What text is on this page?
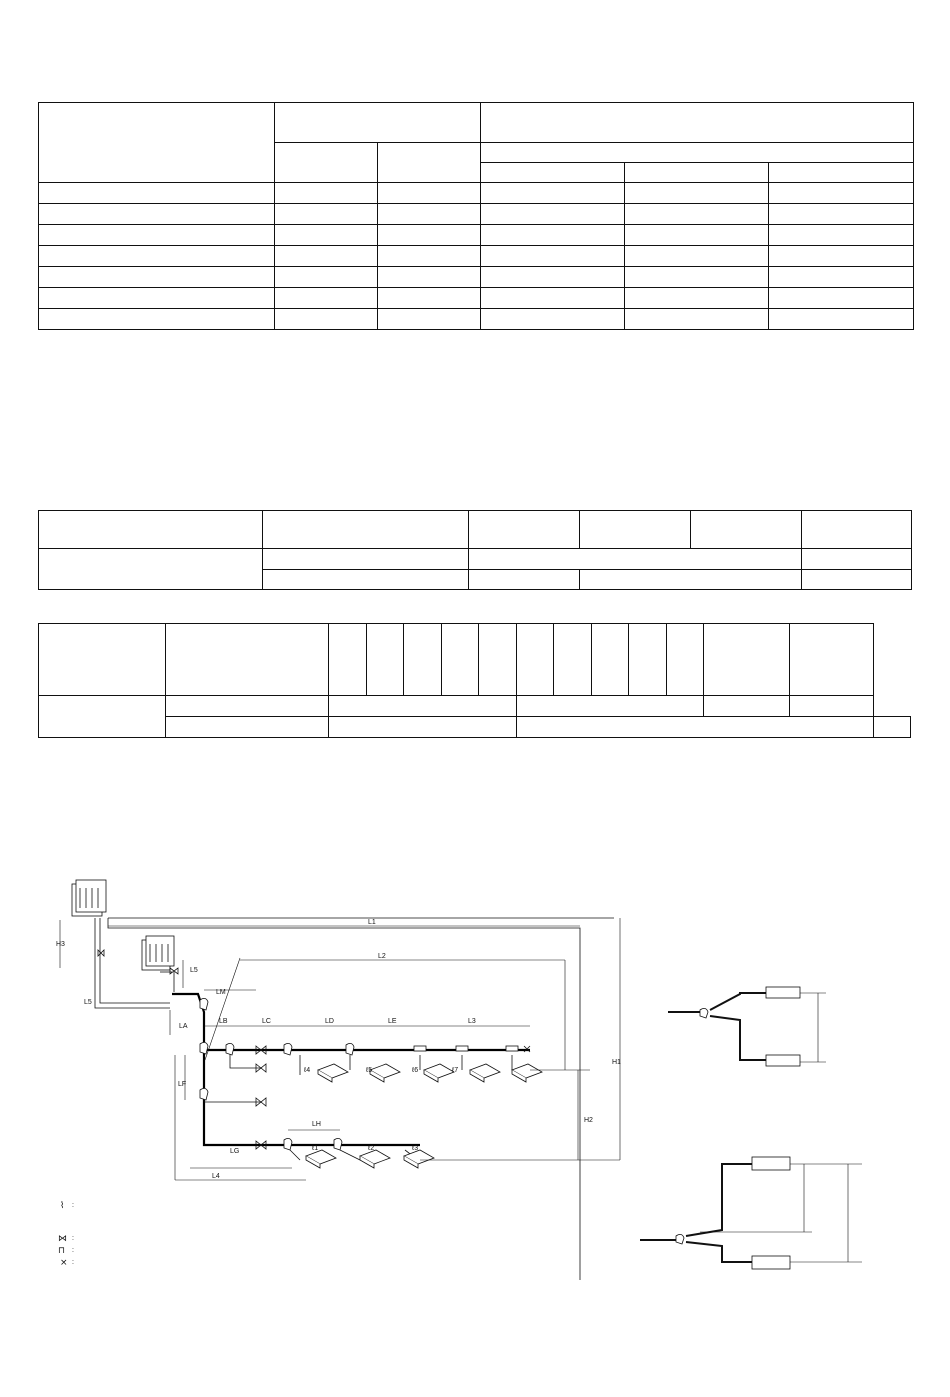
L1
L2
L3
L4
L5
L5
LM
LA
LB	LC	LD	LE
LF
LG
LH
H1
H2
H3
ℓ4	ℓ5	ℓ6	ℓ7
ℓ1	ℓ2	ℓ3
⌇ :
⋈ :
⊓ :
× :
